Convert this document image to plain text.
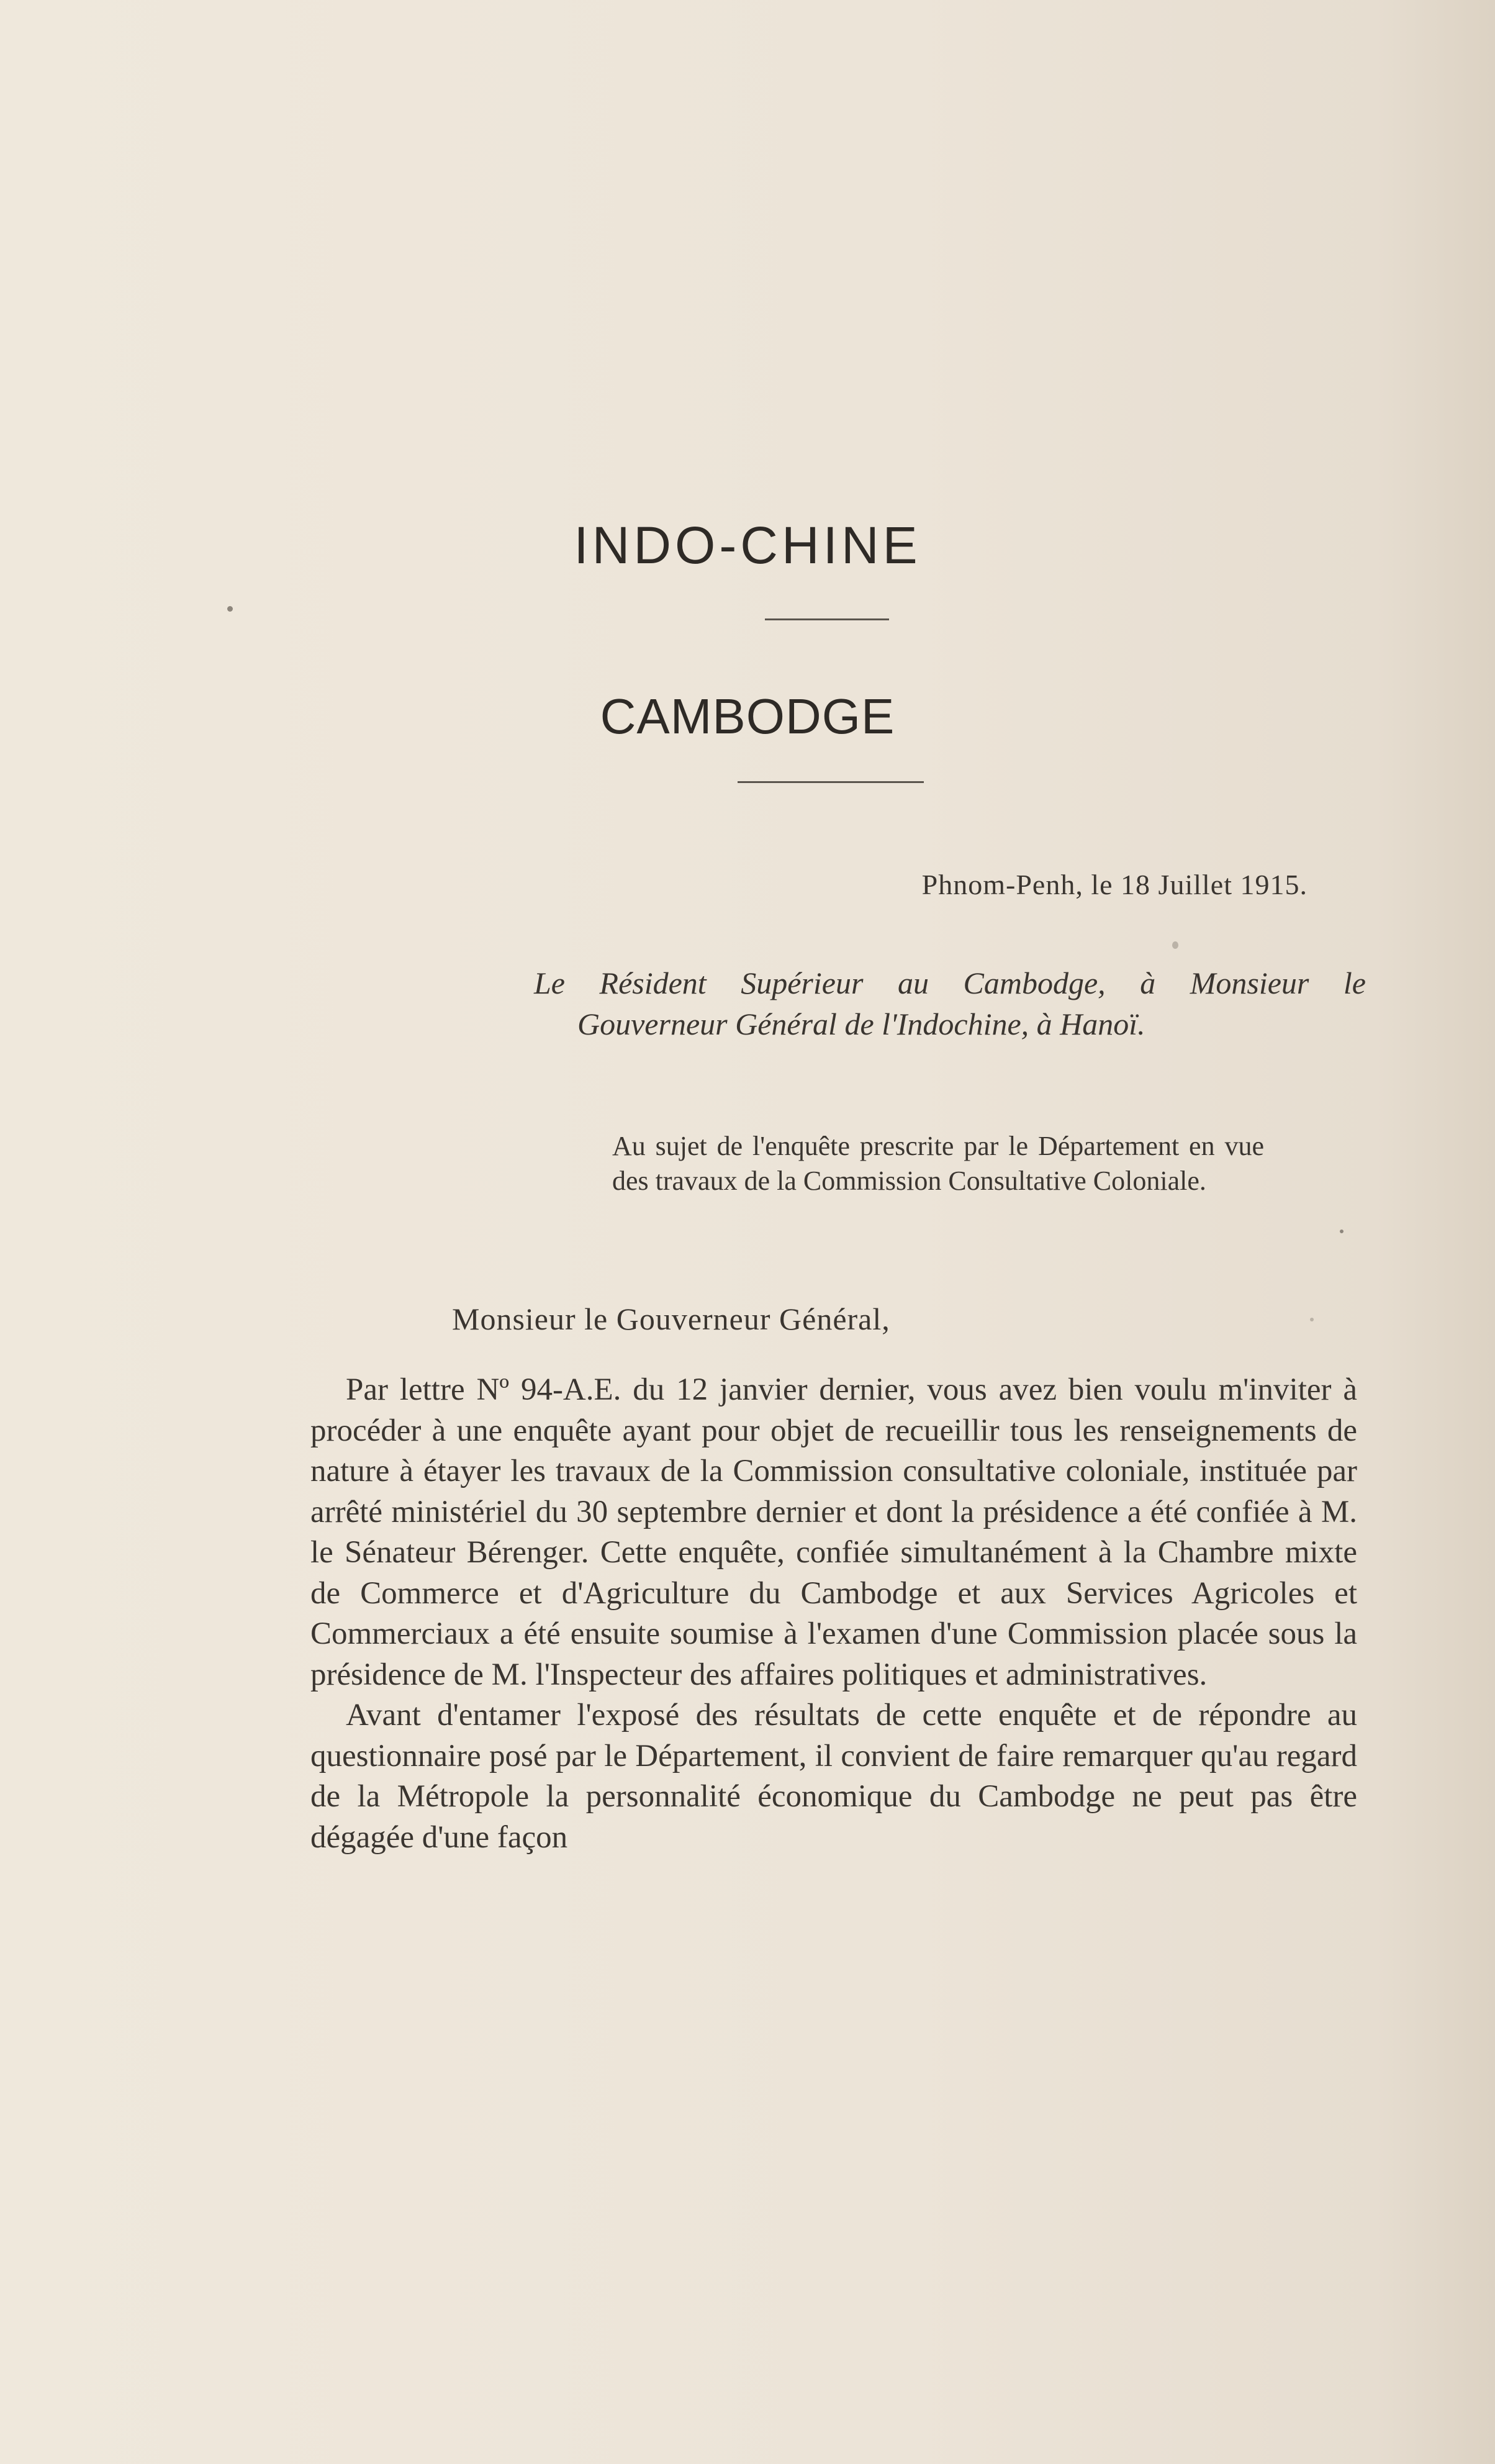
INDO-CHINE
CAMBODGE
Phnom-Penh, le 18 Juillet 1915.
Le Résident Supérieur au Cambodge, à Monsieur le
Gouverneur Général de l'Indochine, à Hanoï.
Au sujet de l'enquête prescrite par le Département en vue des travaux de la Commission Consultative Coloniale.
Monsieur le Gouverneur Général,

Par lettre Nº 94-A.E. du 12 janvier dernier, vous avez bien voulu m'inviter à procéder à une enquête ayant pour objet de recueillir tous les renseignements de nature à étayer les travaux de la Commission consultative coloniale, instituée par arrêté ministériel du 30 septembre dernier et dont la présidence a été confiée à M. le Sénateur Bérenger. Cette enquête, confiée simultanément à la Chambre mixte de Commerce et d'Agriculture du Cambodge et aux Services Agricoles et Commerciaux a été ensuite soumise à l'examen d'une Commission placée sous la présidence de M. l'Inspecteur des affaires politiques et administratives.

Avant d'entamer l'exposé des résultats de cette enquête et de répondre au questionnaire posé par le Département, il convient de faire remarquer qu'au regard de la Métropole la personnalité économique du Cambodge ne peut pas être dégagée d'une façon
